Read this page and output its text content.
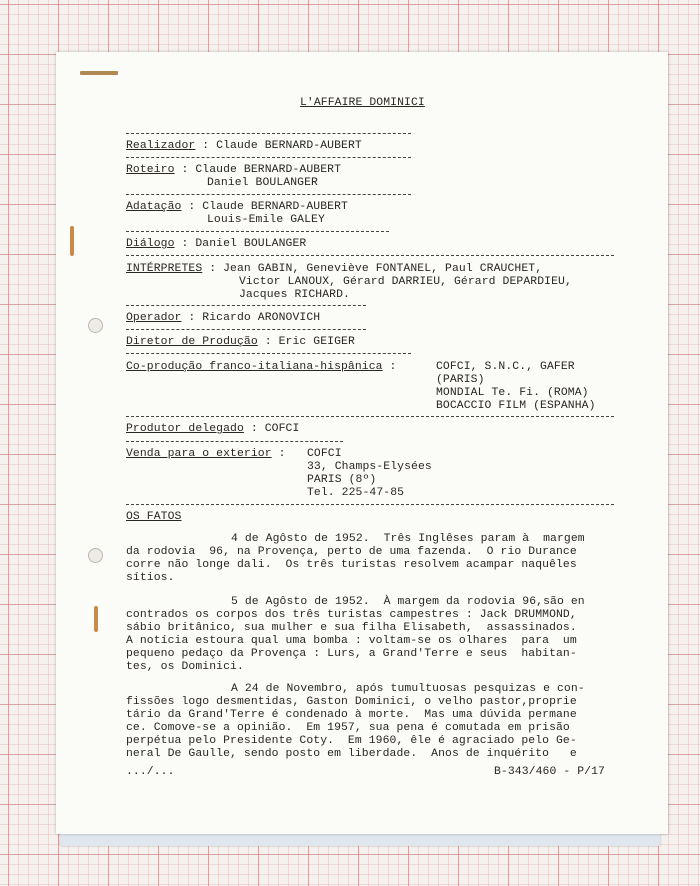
L'AFFAIRE DOMINICI
Realizador : Claude BERNARD-AUBERT
Roteiro : Claude BERNARD-AUBERT
Daniel BOULANGER
Adatação : Claude BERNARD-AUBERT
Louis-Emile GALEY
Diálogo : Daniel BOULANGER
INTÉRPRETES : Jean GABIN, Geneviève FONTANEL, Paul CRAUCHET,
Victor LANOUX, Gérard DARRIEU, Gérard DEPARDIEU,
Jacques RICHARD.
Operador : Ricardo ARONOVICH
Diretor de Produção : Eric GEIGER
Co-produção franco-italiana-hispânica :	COFCI, S.N.C., GAFER
(PARIS)
MONDIAL Te. Fi. (ROMA)
BOCACCIO FILM (ESPANHA)
Produtor delegado : COFCI
Venda para o exterior : COFCI
33, Champs-Elysées
PARIS (8º)
Tel. 225-47-85
OS FATOS
4 de Agôsto de 1952.  Três Inglêses param à  margem
da rodovia  96, na Provença, perto de uma fazenda.  O rio Durance
corre não longe dali.  Os três turistas resolvem acampar naquêles
sítios.
5 de Agôsto de 1952.  À margem da rodovia 96,são en
contrados os corpos dos três turistas campestres : Jack DRUMMOND,
sábio britânico, sua mulher e sua filha Elisabeth,  assassinados.
A notícia estoura qual uma bomba : voltam-se os olhares  para  um
pequeno pedaço da Provença : Lurs, a Grand'Terre e seus  habitan-
tes, os Dominici.
A 24 de Novembro, após tumultuosas pesquizas e con-
fissões logo desmentidas, Gaston Dominici, o velho pastor,proprie
tário da Grand'Terre é condenado à morte.  Mas uma dúvida permane
ce. Comove-se a opinião.  Em 1957, sua pena é comutada em prisão
perpétua pelo Presidente Coty.  Em 1960, êle é agraciado pelo Ge-
neral De Gaulle, sendo posto em liberdade.  Anos de inquérito   e
.../...	B-343/460 - P/17
